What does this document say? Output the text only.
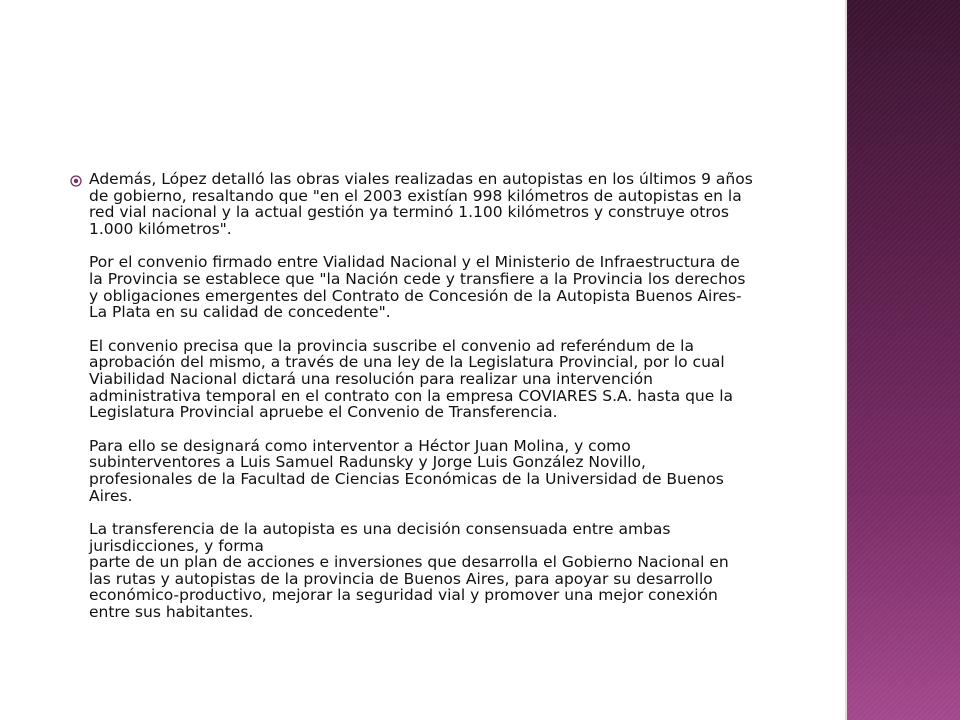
Además, López detalló las obras viales realizadas en autopistas en los últimos 9 años
de gobierno, resaltando que "en el 2003 existían 998 kilómetros de autopistas en la
red vial nacional y la actual gestión ya terminó 1.100 kilómetros y construye otros
1.000 kilómetros".

Por el convenio firmado entre Vialidad Nacional y el Ministerio de Infraestructura de
la Provincia se establece que "la Nación cede y transfiere a la Provincia los derechos
y obligaciones emergentes del Contrato de Concesión de la Autopista Buenos Aires-
La Plata en su calidad de concedente".

El convenio precisa que la provincia suscribe el convenio ad referéndum de la
aprobación del mismo, a través de una ley de la Legislatura Provincial, por lo cual
Viabilidad Nacional dictará una resolución para realizar una intervención
administrativa temporal en el contrato con la empresa COVIARES S.A. hasta que la
Legislatura Provincial apruebe el Convenio de Transferencia.

Para ello se designará como interventor a Héctor Juan Molina, y como
subinterventores a Luis Samuel Radunsky y Jorge Luis González Novillo,
profesionales de la Facultad de Ciencias Económicas de la Universidad de Buenos
Aires.

La transferencia de la autopista es una decisión consensuada entre ambas
jurisdicciones, y forma
parte de un plan de acciones e inversiones que desarrolla el Gobierno Nacional en
las rutas y autopistas de la provincia de Buenos Aires, para apoyar su desarrollo
económico-productivo, mejorar la seguridad vial y promover una mejor conexión
entre sus habitantes.
